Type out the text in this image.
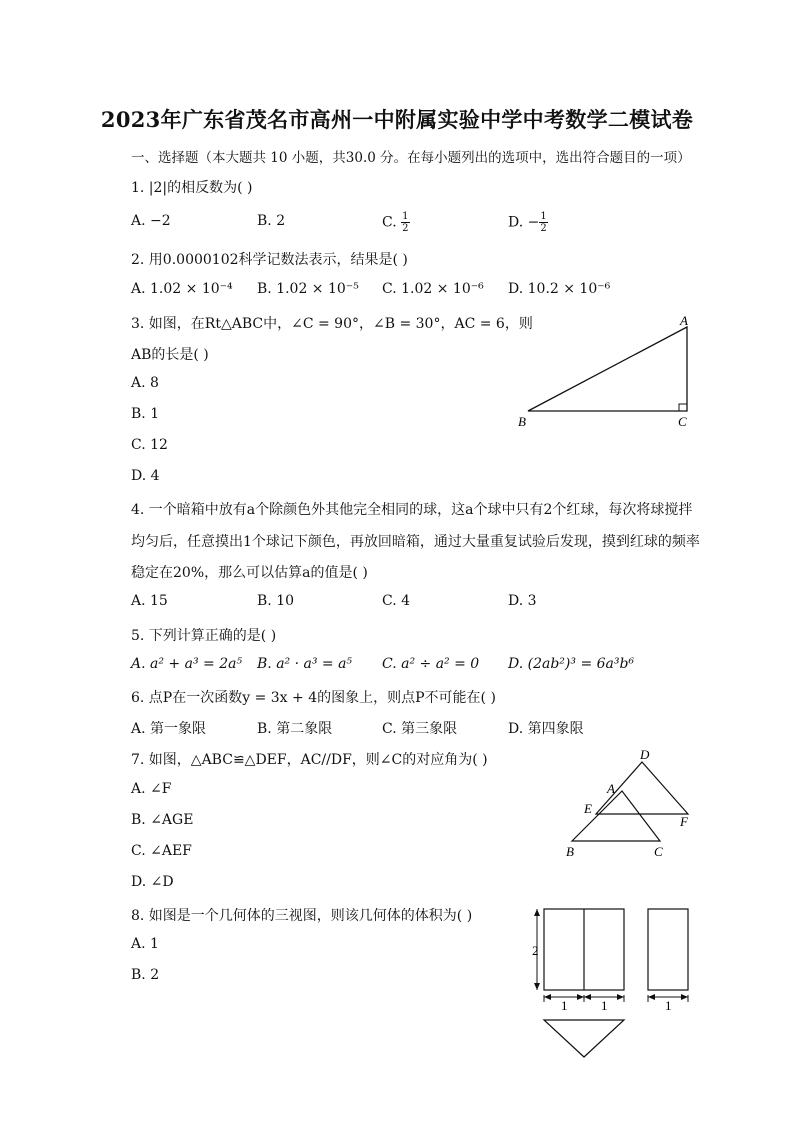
2023年广东省茂名市高州一中附属实验中学中考数学二模试卷
一、选择题（本大题共 10 小题，共30.0 分。在每小题列出的选项中，选出符合题目的一项）
1. |2|的相反数为( )
A. −2	B. 2	C. $\frac{1}{2}$	D. − $\frac{1}{2}$
2. 用0.0000102科学记数法表示，结果是( )
A. 1.02 × 10⁻⁴ B. 1.02 × 10⁻⁵ C. 1.02 × 10⁻⁶ D. 10.2 × 10⁻⁶
3. 如图，在Rt△ABC中，∠C = 90°，∠B = 30°，AC = 6，则
AB的长是( )
A. 8
B. 1
C. 12
D. 4
A
B	C
4. 一个暗箱中放有a个除颜色外其他完全相同的球，这a个球中只有2个红球，每次将球搅拌
均匀后，任意摸出1个球记下颜色，再放回暗箱，通过大量重复试验后发现，摸到红球的频率
稳定在20%，那么可以估算a的值是( )
A. 15	B. 10	C. 4	D. 3
5. 下列计算正确的是( )
A. a² + a³ = 2a⁵ B. a² · a³ = a⁵ C. a² ÷ a² = 0 D. (2ab²)³ = 6a³b⁶
6. 点P在一次函数y = 3x + 4的图象上，则点P不可能在( )
A. 第一象限	B. 第二象限	C. 第三象限	D. 第四象限
7. 如图，△ABC≌△DEF，AC//DF，则∠C的对应角为( )
A. ∠F
B. ∠AGE
C. ∠AEF
D. ∠D
D
A
E
F
B	C
8. 如图是一个几何体的三视图，则该几何体的体积为( )
A. 1
B. 2
2
1	1	1
